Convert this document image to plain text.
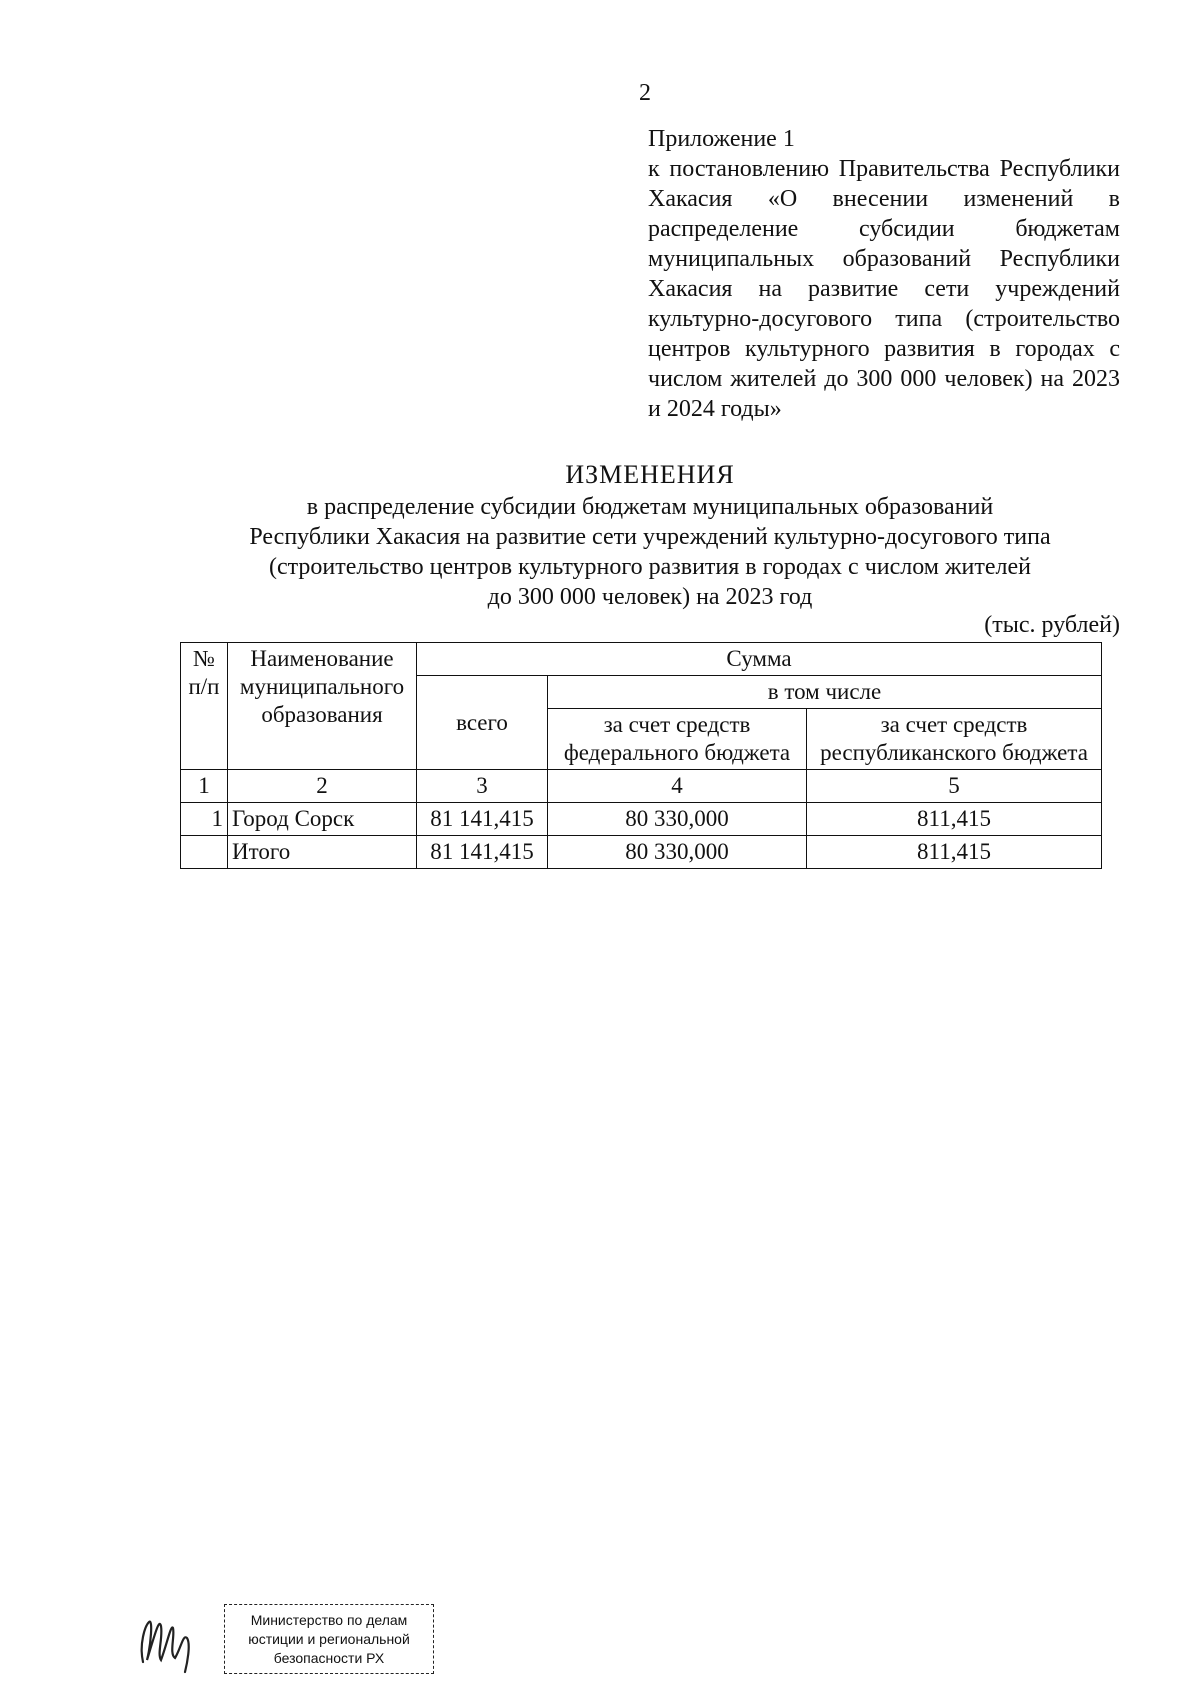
2
Приложение 1
к постановлению Правительства Республики Хакасия «О внесении изменений в распределение субсидии бюджетам муниципальных образований Республики Хакасия на развитие сети учреждений культурно-досугового типа (строительство центров культурного развития в городах с числом жителей до 300 000 человек) на 2023 и 2024 годы»
ИЗМЕНЕНИЯ
в распределение субсидии бюджетам муниципальных образований
Республики Хакасия на развитие сети учреждений культурно-досугового типа
(строительство центров культурного развития в городах с числом жителей
до 300 000 человек) на 2023 год
(тыс. рублей)
№ п/п	Наименование муниципального образования	Сумма		
		всего	в том числе	
			за счет средств федерального бюджета	за счет средств республиканского бюджета
1	2	3	4	5
1	Город Сорск	81 141,415	80 330,000	811,415
	Итого	81 141,415	80 330,000	811,415
Министерство по делам
юстиции и региональной
безопасности РХ
